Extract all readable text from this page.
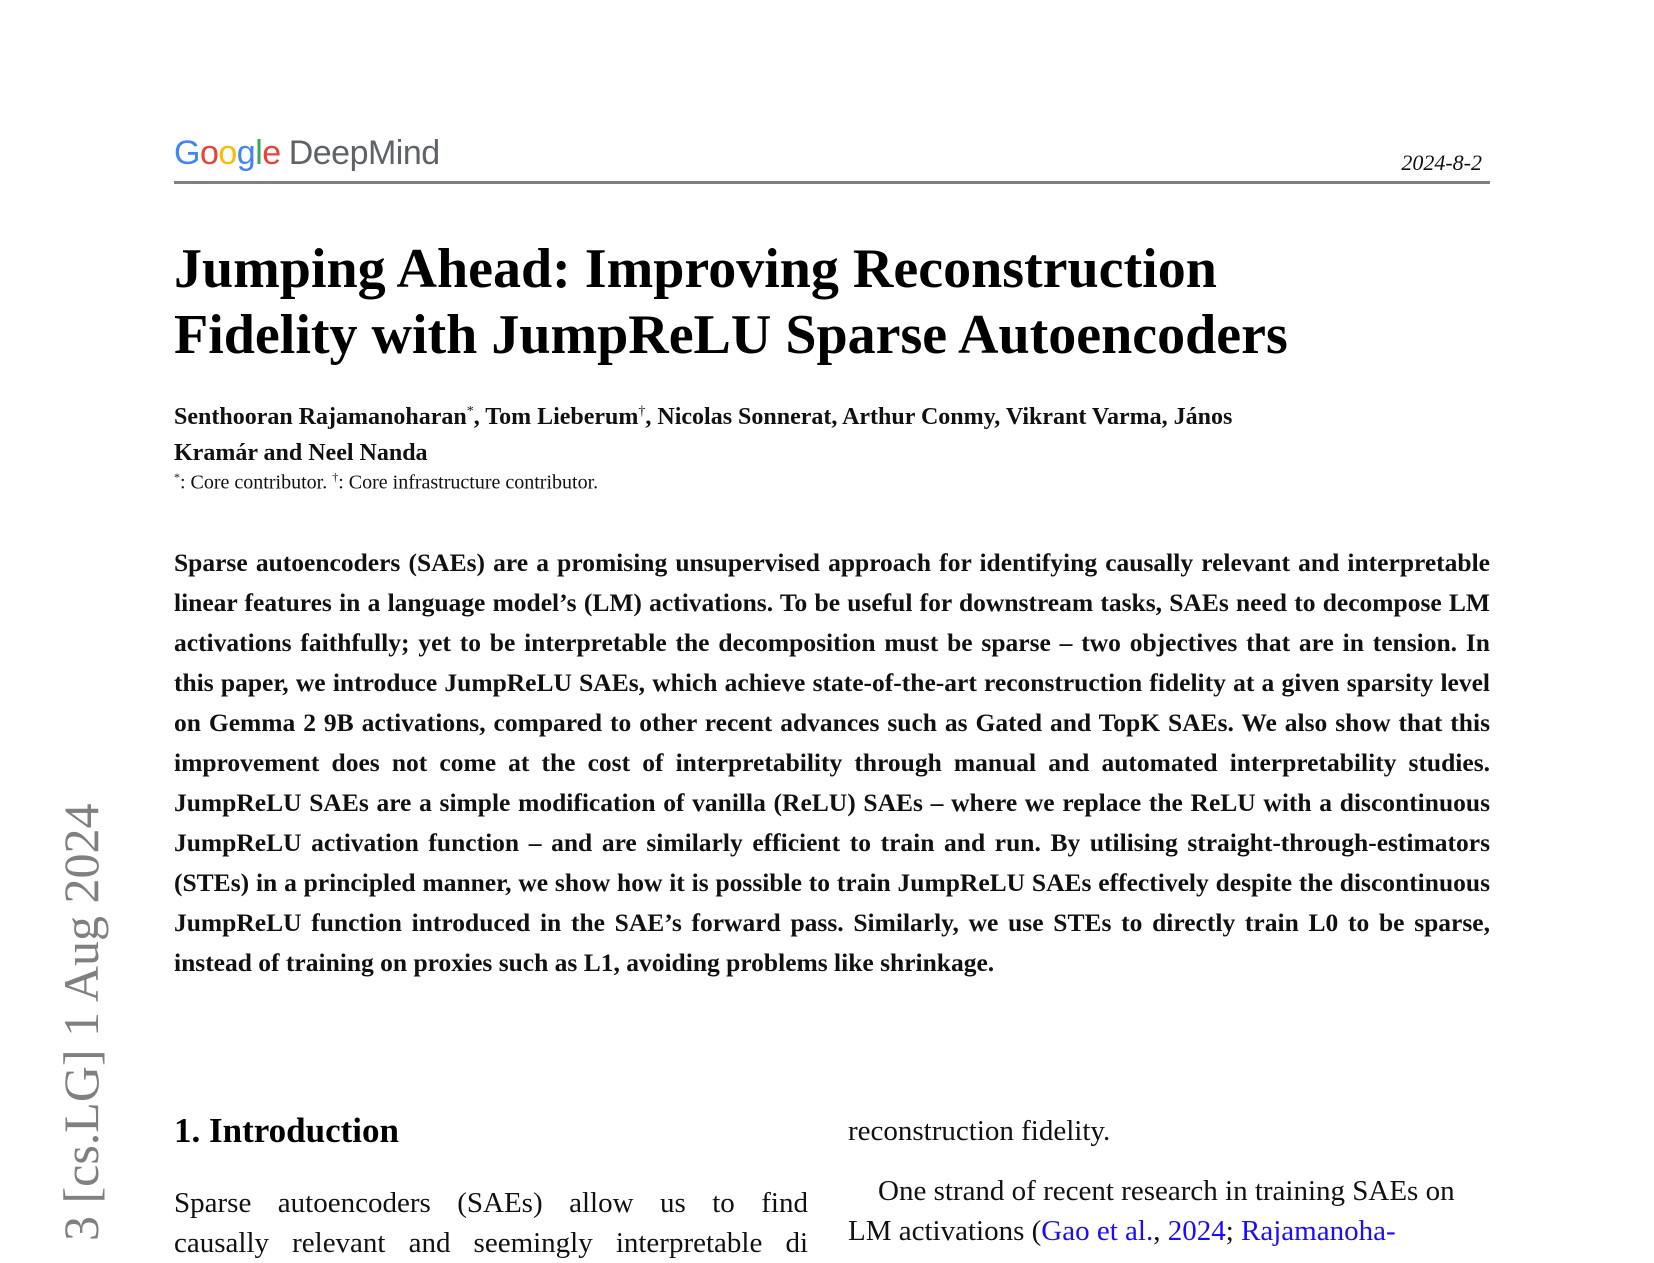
Google DeepMind	2024-8-2
Jumping Ahead: Improving Reconstruction
Fidelity with JumpReLU Sparse Autoencoders
Senthooran Rajamanoharan*, Tom Lieberum†, Nicolas Sonnerat, Arthur Conmy, Vikrant Varma, János
Kramár and Neel Nanda
*: Core contributor. †: Core infrastructure contributor.
Sparse autoencoders (SAEs) are a promising unsupervised approach for identifying causally relevant and interpretable linear features in a language model’s (LM) activations. To be useful for downstream tasks, SAEs need to decompose LM activations faithfully; yet to be interpretable the decomposition must be sparse – two objectives that are in tension. In this paper, we introduce JumpReLU SAEs, which achieve state-of-the-art reconstruction fidelity at a given sparsity level on Gemma 2 9B activations, compared to other recent advances such as Gated and TopK SAEs. We also show that this improvement does not come at the cost of interpretability through manual and automated interpretability studies. JumpReLU SAEs are a simple modification of vanilla (ReLU) SAEs – where we replace the ReLU with a discontinuous JumpReLU activation function – and are similarly efficient to train and run. By utilising straight-through-estimators (STEs) in a principled manner, we show how it is possible to train JumpReLU SAEs effectively despite the discontinuous JumpReLU function introduced in the SAE’s forward pass. Similarly, we use STEs to directly train L0 to be sparse, instead of training on proxies such as L1, avoiding problems like shrinkage.
1. Introduction
Sparse autoencoders (SAEs) allow us to find
causally relevant and seemingly interpretable di
reconstruction fidelity.
One strand of recent research in training SAEs on LM activations (Gao et al., 2024; Rajamanoha-
3 [cs.LG] 1 Aug 2024
